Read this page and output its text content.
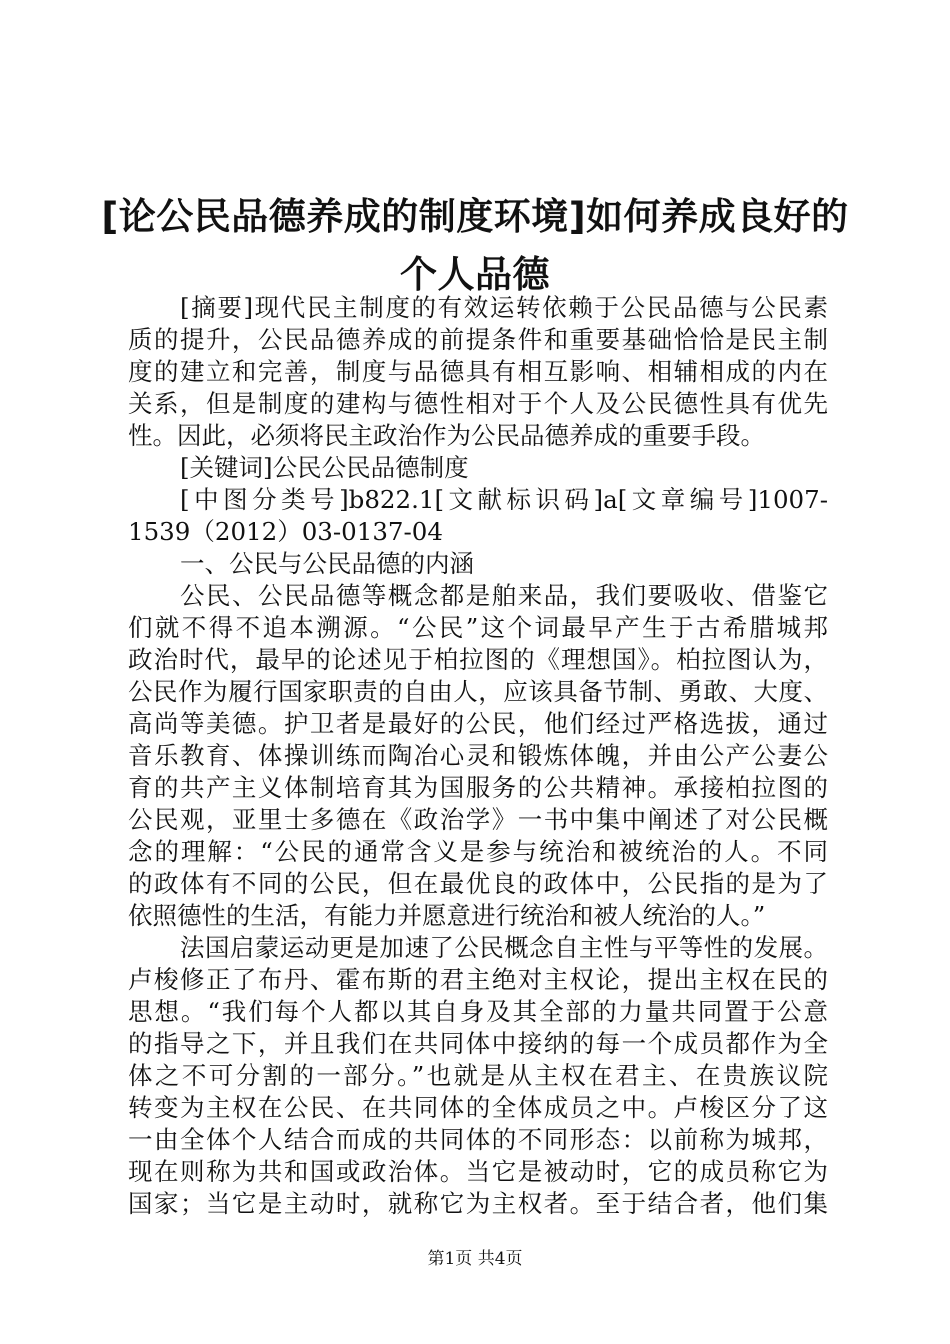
[论公民品德养成的制度环境]如何养成良好的
个人品德
[摘要]现代民主制度的有效运转依赖于公民品德与公民素
质的提升，公民品德养成的前提条件和重要基础恰恰是民主制
度的建立和完善，制度与品德具有相互影响、相辅相成的内在
关系，但是制度的建构与德性相对于个人及公民德性具有优先
性。因此，必须将民主政治作为公民品德养成的重要手段。
[关键词]公民公民品德制度
[中图分类号]b822.1[文献标识码]a[文章编号]1007-
1539（2012）03-0137-04
一、公民与公民品德的内涵
公民、公民品德等概念都是舶来品，我们要吸收、借鉴它
们就不得不追本溯源。“公民”这个词最早产生于古希腊城邦
政治时代，最早的论述见于柏拉图的《理想国》。柏拉图认为，
公民作为履行国家职责的自由人，应该具备节制、勇敢、大度、
高尚等美德。护卫者是最好的公民，他们经过严格选拔，通过
音乐教育、体操训练而陶冶心灵和锻炼体魄，并由公产公妻公
育的共产主义体制培育其为国服务的公共精神。承接柏拉图的
公民观，亚里士多德在《政治学》一书中集中阐述了对公民概
念的理解：“公民的通常含义是参与统治和被统治的人。不同
的政体有不同的公民，但在最优良的政体中，公民指的是为了
依照德性的生活，有能力并愿意进行统治和被人统治的人。”
法国启蒙运动更是加速了公民概念自主性与平等性的发展。
卢梭修正了布丹、霍布斯的君主绝对主权论，提出主权在民的
思想。“我们每个人都以其自身及其全部的力量共同置于公意
的指导之下，并且我们在共同体中接纳的每一个成员都作为全
体之不可分割的一部分。”也就是从主权在君主、在贵族议院
转变为主权在公民、在共同体的全体成员之中。卢梭区分了这
一由全体个人结合而成的共同体的不同形态：以前称为城邦，
现在则称为共和国或政治体。当它是被动时，它的成员称它为
国家；当它是主动时，就称它为主权者。至于结合者，他们集
第1页 共4页
